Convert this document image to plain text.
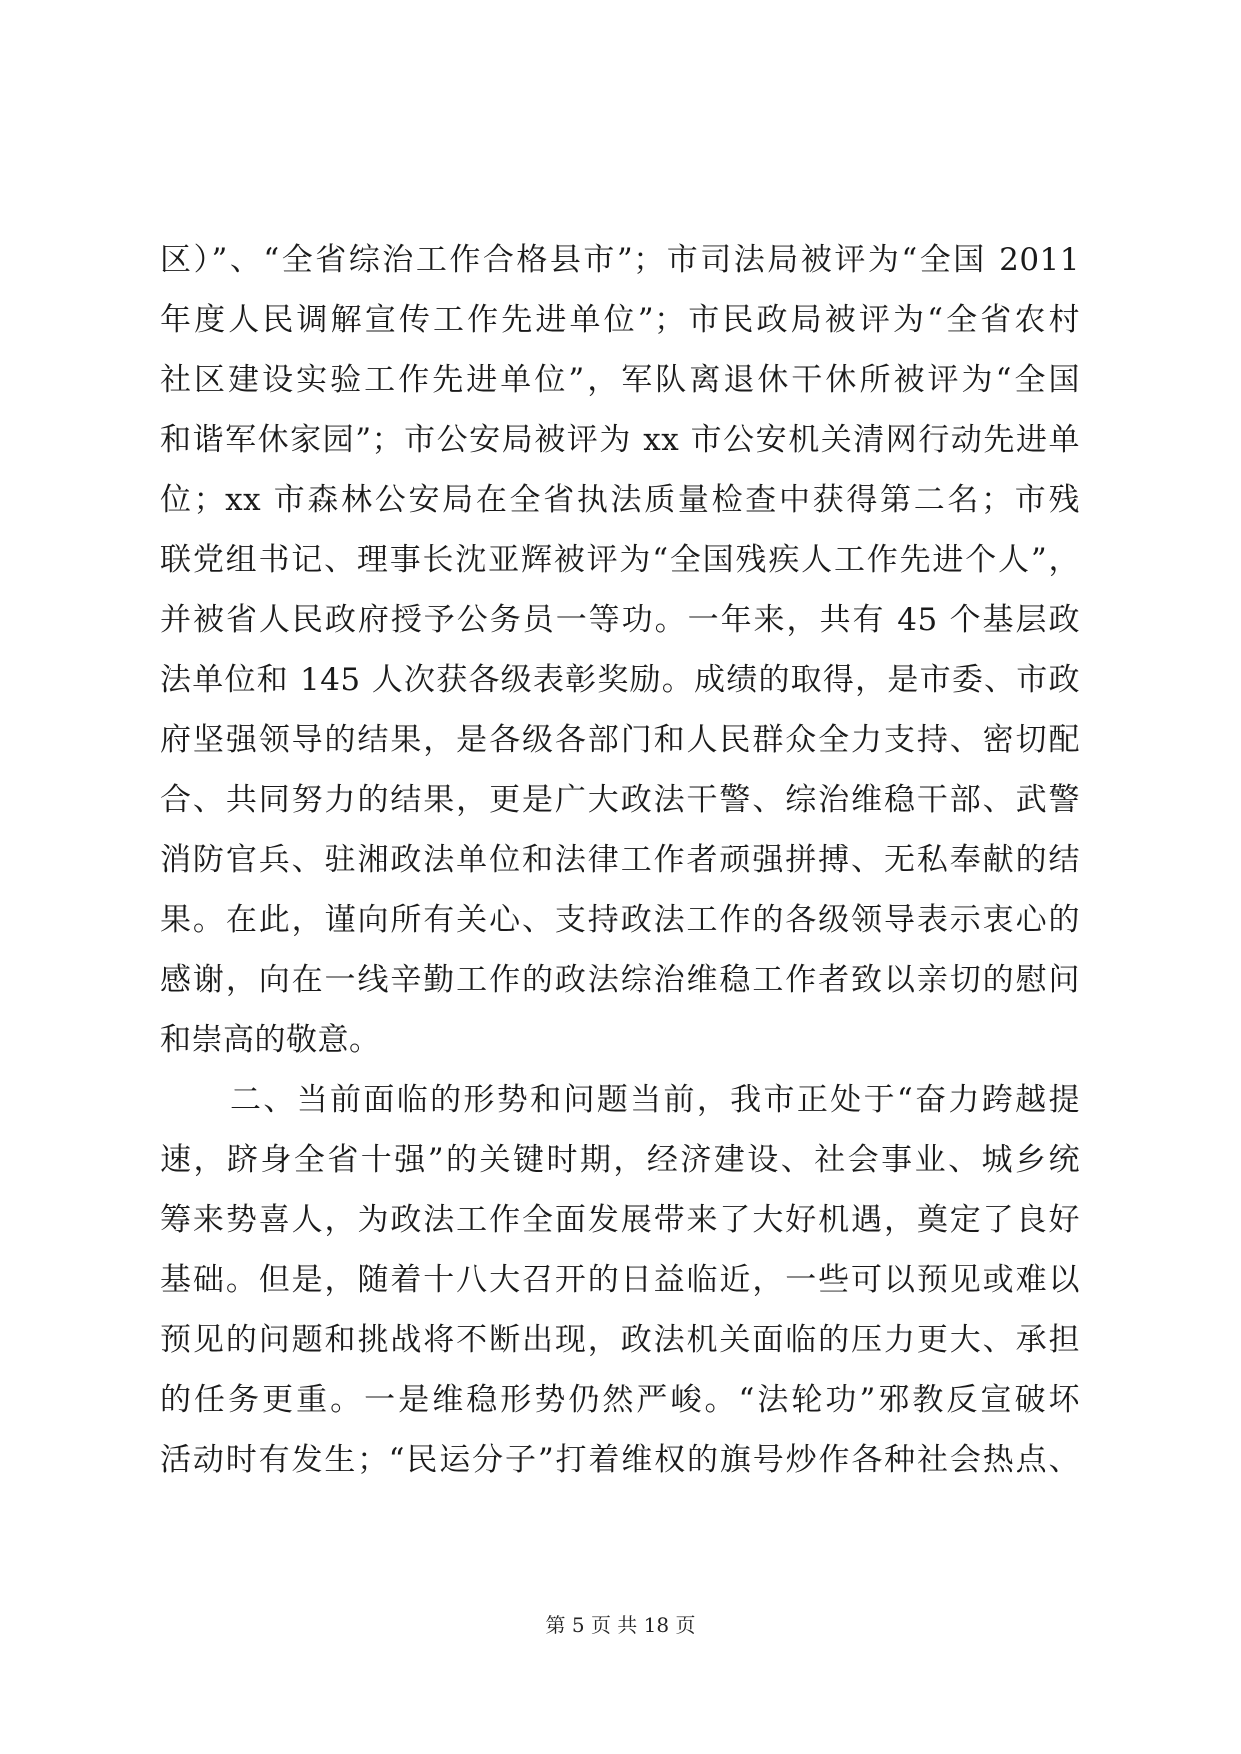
区）”、“全省综治工作合格县市”；市司法局被评为“全国 2011
年度人民调解宣传工作先进单位”；市民政局被评为“全省农村
社区建设实验工作先进单位”，军队离退休干休所被评为“全国
和谐军休家园”；市公安局被评为 xx 市公安机关清网行动先进单
位；xx 市森林公安局在全省执法质量检查中获得第二名；市残
联党组书记、理事长沈亚辉被评为“全国残疾人工作先进个人”，
并被省人民政府授予公务员一等功。一年来，共有 45 个基层政
法单位和 145 人次获各级表彰奖励。成绩的取得，是市委、市政
府坚强领导的结果，是各级各部门和人民群众全力支持、密切配
合、共同努力的结果，更是广大政法干警、综治维稳干部、武警
消防官兵、驻湘政法单位和法律工作者顽强拼搏、无私奉献的结
果。在此，谨向所有关心、支持政法工作的各级领导表示衷心的
感谢，向在一线辛勤工作的政法综治维稳工作者致以亲切的慰问
和崇高的敬意。
二、当前面临的形势和问题当前，我市正处于“奋力跨越提
速，跻身全省十强”的关键时期，经济建设、社会事业、城乡统
筹来势喜人，为政法工作全面发展带来了大好机遇，奠定了良好
基础。但是，随着十八大召开的日益临近，一些可以预见或难以
预见的问题和挑战将不断出现，政法机关面临的压力更大、承担
的任务更重。一是维稳形势仍然严峻。“法轮功”邪教反宣破坏
活动时有发生；“民运分子”打着维权的旗号炒作各种社会热点、
第 5 页 共 18 页
